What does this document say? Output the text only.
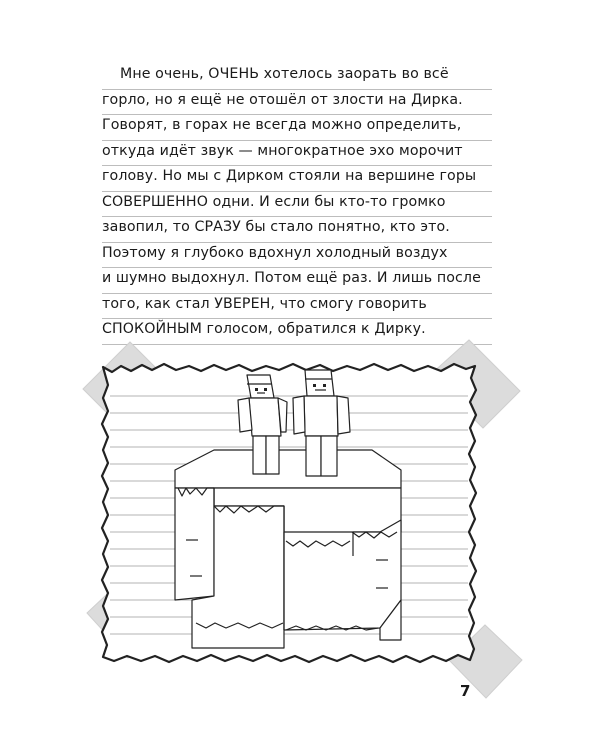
Мне очень, ОЧЕНЬ хотелось заорать во всё
горло, но я ещё не отошёл от злости на Дирка.
Говорят, в горах не всегда можно определить,
откуда идёт звук — многократное эхо морочит
голову. Но мы с Дирком стояли на вершине горы
СОВЕРШЕННО одни. И если бы кто-то громко
завопил, то СРАЗУ бы стало понятно, кто это.
Поэтому я глубоко вдохнул холодный воздух
и шумно выдохнул. Потом ещё раз. И лишь после
того, как стал УВЕРЕН, что смогу говорить
СПОКОЙНЫМ голосом, обратился к Дирку.
7
